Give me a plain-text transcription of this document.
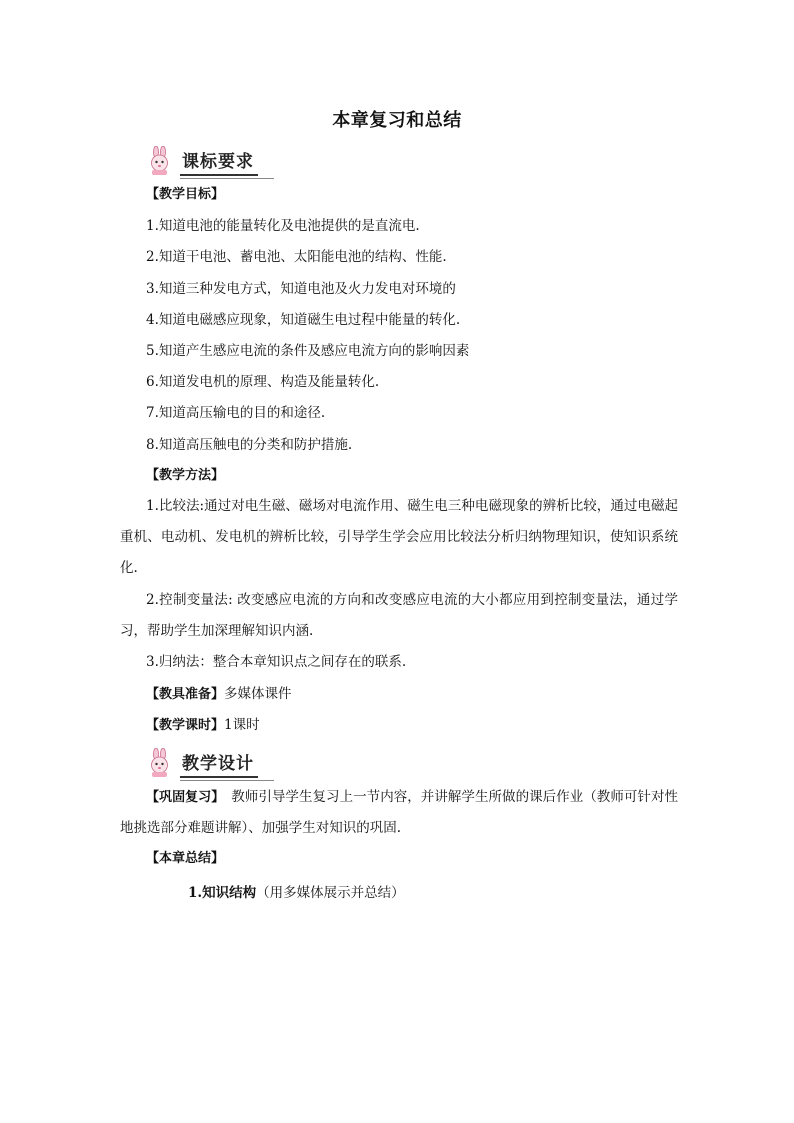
本章复习和总结
课标要求
【教学目标】
1.知道电池的能量转化及电池提供的是直流电.
2.知道干电池、蓄电池、太阳能电池的结构、性能.
3.知道三种发电方式，知道电池及火力发电对环境的
4.知道电磁感应现象，知道磁生电过程中能量的转化.
5.知道产生感应电流的条件及感应电流方向的影响因素
6.知道发电机的原理、构造及能量转化.
7.知道高压输电的目的和途径.
8.知道高压触电的分类和防护措施.
【教学方法】
1.比较法:通过对电生磁、磁场对电流作用、磁生电三种电磁现象的辨析比较，通过电磁起重机、电动机、发电机的辨析比较，引导学生学会应用比较法分析归纳物理知识，使知识系统化.
2.控制变量法: 改变感应电流的方向和改变感应电流的大小都应用到控制变量法，通过学习，帮助学生加深理解知识内涵.
3.归纳法：整合本章知识点之间存在的联系.
【教具准备】多媒体课件
【教学课时】1课时
教学设计
【巩固复习】　教师引导学生复习上一节内容，并讲解学生所做的课后作业（教师可针对性地挑选部分难题讲解）、加强学生对知识的巩固.
【本章总结】
1.知识结构（用多媒体展示并总结）
